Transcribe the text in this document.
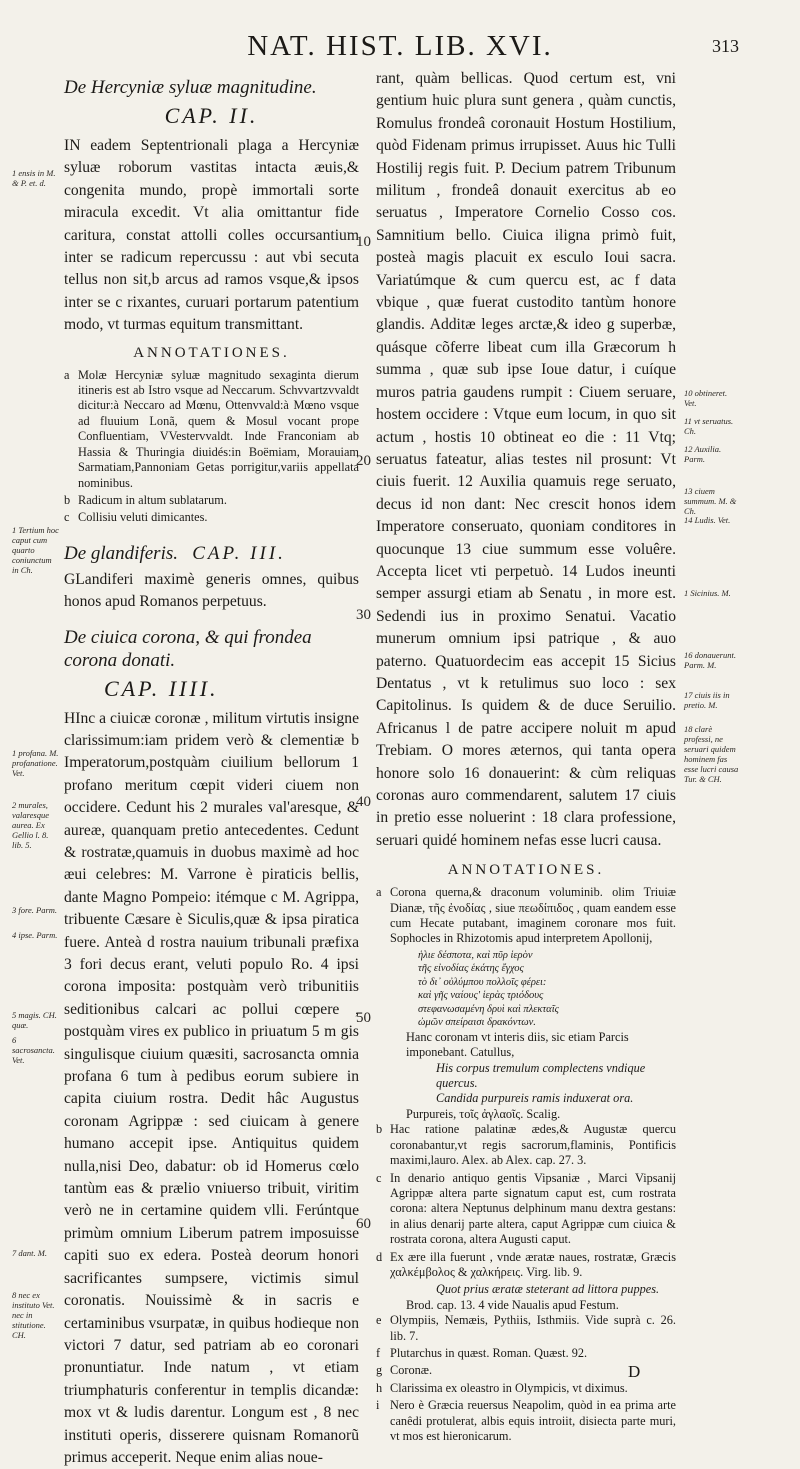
NAT. HIST. LIB. XVI.	313
De Hercyniæ syluæ magnitudine.
CAP. II.

IN eadem Septentrionali plaga a Hercyniæ syluæ roborum vastitas intacta æuis,& congenita mundo, propè immortali sorte miracula excedit. Vt alia omittantur fide caritura, constat attolli colles occursantium inter se radicum repercussu : aut vbi secuta tellus non sit,b arcus ad ramos vsque,& ipsos inter se c rixantes, curuari portarum patentium modo, vt turmas equitum transmittant.

ANNOTATIONES.
a Molæ Hercyniæ syluæ magnitudo sexaginta dierum itineris est ab Istro vsque ad Neccarum. Schvvartzvvaldt dicitur:à Neccaro ad Mœnu, Ottenvvald:à Mœno vsque ad fluuium Lonã, quem & Mosul vocant prope Confluentiam, VVestervvaldt. Inde Franconiam ab Hassia & Thuringia diuidés:in Boëmiam, Morauiam Sarmatiam,Pannoniam Getas porrigitur,variis appellata nominibus.
b Radicum in altum sublatarum.
c Collisiu veluti dimicantes.
De glandiferis. CAP. III.

GLandiferi maximè generis omnes, quibus honos apud Romanos perpetuus.

De ciuica corona, & qui frondea corona donati.
CAP. IIII.

HInc a ciuicæ coronæ , militum virtutis insigne clarissimum:iam pridem verò & clementiæ b Imperatorum,postquàm ciuilium bellorum 1 profano meritum cœpit videri ciuem non occidere. Cedunt his 2 murales val'aresque, & aureæ, quanquam pretio antecedentes. Cedunt & rostratæ,quamuis in duobus maximè ad hoc æui celebres: M. Varrone è piraticis bellis, dante Magno Pompeio: itémque c M. Agrippa, tribuente Cæsare è Siculis,quæ & ipsa piratica fuere. Anteà d rostra nauium tribunali præfixa 3 fori decus erant, veluti populo Ro. 4 ipsi corona imposita: postquàm verò tribunitiis seditionibus calcari ac pollui cœpere , postquàm vires ex publico in priuatum 5 m gis singulisque ciuium quæsiti, sacrosancta omnia profana 6 tum à pedibus eorum subiere in capita ciuium rostra. Dedit hâc Augustus coronam Agrippæ : sed ciuicam à genere humano accepit ipse. Antiquitus quidem nulla,nisi Deo, dabatur: ob id Homerus cœlo tantùm eas & prælio vniuerso tribuit, viritim verò ne in certamine quidem vlli. Ferúntque primùm omnium Liberum patrem imposuisse capiti suo ex edera. Posteà deorum honori sacrificantes sumpsere, victimis simul coronatis. Nouissimè & in sacris e certaminibus vsurpatæ, in quibus hodieque non victori 7 datur, sed patriam ab eo coronari pronuntiatur. Inde natum , vt etiam triumphaturis conferentur in templis dicandæ: mox vt & ludis darentur. Longum est , 8 nec instituti operis, disserere quisnam Romanorũ primus acceperit. Neque enim alias noue-

rant, quàm bellicas. Quod certum est, vni gentium huic plura sunt genera , quàm cunctis, Romulus frondeâ coronauit Hostum Hostilium, quòd Fidenam primus irrupisset. Auus hic Tulli Hostilij regis fuit. P. Decium patrem Tribunum militum , frondeâ donauit exercitus ab eo seruatus , Imperatore Cornelio Cosso cos. Samnitium bello. Ciuica iligna primò fuit, posteà magis placuit ex esculo Ioui sacra. Variatúmque & cum quercu est, ac f data vbique , quæ fuerat custodito tantùm honore glandis. Additæ leges arctæ,& ideo g superbæ, quásque cõferre libeat cum illa Græcorum h summa , quæ sub ipse Ioue datur, i cuíque muros patria gaudens rumpit : Ciuem seruare, hostem occidere : Vtque eum locum, in quo sit actum , hostis 10 obtineat eo die : 11 Vtq; seruatus fateatur, alias testes nil prosunt: Vt ciuis fuerit. 12 Auxilia quamuis rege seruato, decus id non dant: Nec crescit honos idem Imperatore conseruato, quoniam conditores in quocunque 13 ciue summum esse voluêre. Accepta licet vti perpetuò. 14 Ludos ineunti semper assurgi etiam ab Senatu , in more est. Sedendi ius in proximo Senatui. Vacatio munerum omnium ipsi patrique , & auo paterno. Quatuordecim eas accepit 15 Sicius Dentatus , vt k retulimus suo loco : sex Capitolinus. Is quidem & de duce Seruilio. Africanus l de patre accipere noluit m apud Trebiam. O mores æternos, qui tanta opera honore solo 16 donauerint: & cùm reliquas coronas auro commendarent, salutem 17 ciuis in pretio esse noluerint : 18 clara professione, seruari quidé hominem nefas esse lucri causa.

ANNOTATIONES.
a Corona querna,& draconum voluminib. olim Triuiæ Dianæ, τῆς ἐνοδίας , siue πεωδίπιδος , quam eandem esse cum Hecate putabant, imaginem coronare mos fuit. Sophocles in Rhizotomis apud interpretem Apollonij,

ἡλιε δέσποτα, καὶ πῦρ ἱερὸν

τῆς εἰνοδίας ἑκάτης ἔγχος

τὸ δι᾽ οὐλύμπου πολλοῖς φέρει:

καὶ γῆς ναίους' ἱερὰς τριόδους

στεφανωσαμένη δρυὶ καὶ πλεκταῖς

ὠμῶν σπείραισι δρακόντων.

Hanc coronam vt interis diis, sic etiam Parcis imponebant. Catullus,

His corpus tremulum complectens vndique quercus.

Candida purpureis ramis induxerat ora.

Purpureis, τοῖς ἀγλαοῖς. Scalig.

b Hac ratione palatinæ ædes,& Augustæ quercu coronabantur,vt regis sacrorum,flaminis, Pontificis maximi,lauro. Alex. ab Alex. cap. 27. 3.
c In denario antiquo gentis Vipsaniæ , Marci Vipsanij Agrippæ altera parte signatum caput est, cum rostrata corona: altera Neptunus delphinum manu dextra gestans: in alius denarij parte altera, caput Agrippæ cum ciuica & rostrata corona, altera Augusti caput.
d Ex ære illa fuerunt , vnde æratæ naues, rostratæ, Græcis χαλκέμβολος & χαλκήρεις. Virg. lib. 9.

Quot prius æratæ steterant ad littora puppes.

Brod. cap. 13. 4 vide Naualis apud Festum.

e Olympiis, Nemæis, Pythiis, Isthmiis. Vide suprà c. 26. lib. 7.
f Plutarchus in quæst. Roman. Quæst. 92.
g Coronæ.
h Clarissima ex oleastro in Olympicis, vt diximus.
i Nero è Græcia reuersus Neapolim, quòd in ea prima arte canêdi protulerat, albis equis introiit, disiecta parte muri, vt mos est hieronicarum.
D
10
20
30
40
50
60
1 ensis in M. & P. et. d.
1 Tertium hoc caput cum quarto coniunctum in Ch.
1 profana. M. profanatione. Vet.
2 murales, valaresque aurea. Ex Gellio l. 8. lib. 5.
3 fore. Parm.
4 ipse. Parm.
5 magis. CH. quæ.
6 sacrosancta. Vet.
7 dant. M.
8 nec ex instituto Vet. nec in stitutione. CH.
10 obtineret. Vet.
11 vt seruatus. Ch.
12 Auxilia. Parm.
13 ciuem summum. M. & Ch.
14 Ludis. Vet.
1 Sicinius. M.
16 donauerunt. Parm. M.
17 ciuis iis in pretio. M.
18 clarè professi, ne seruari quidem hominem fas esse lucri causa Tur. & CH.
